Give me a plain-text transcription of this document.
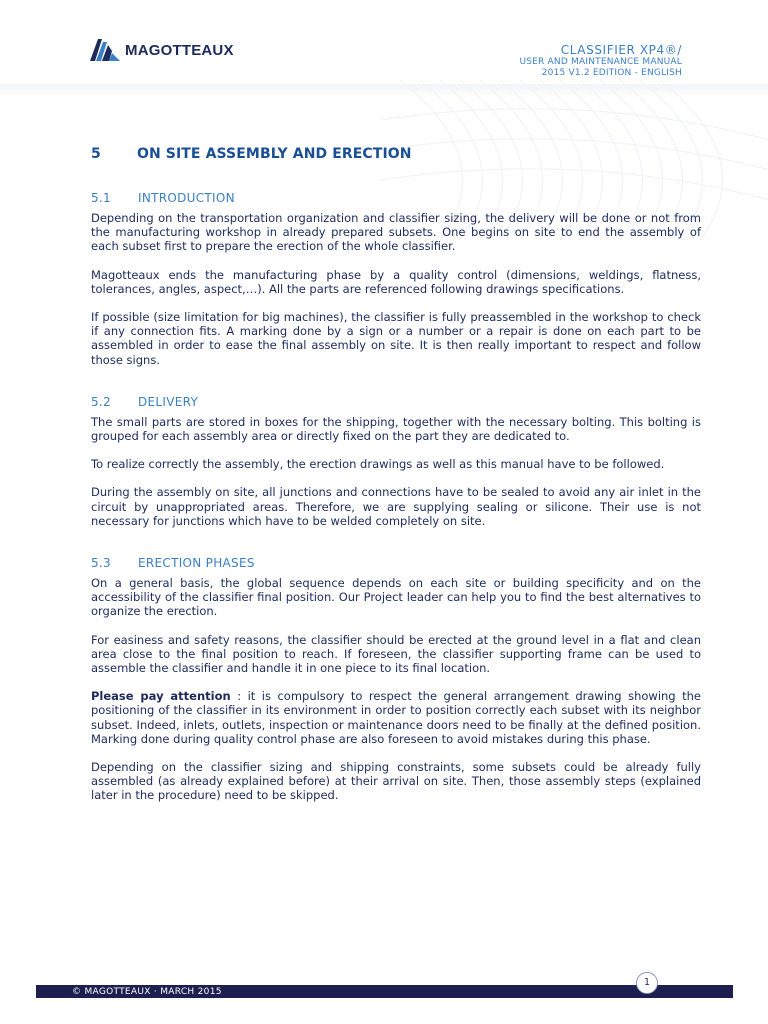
MAGOTTEAUX	CLASSIFIER XP4®/
USER AND MAINTENANCE MANUAL
2015 V1.2 EDITION - ENGLISH
5	ON SITE ASSEMBLY AND ERECTION
5.1 INTRODUCTION

Depending on the transportation organization and classifier sizing, the delivery will be done or not from the manufacturing workshop in already prepared subsets. One begins on site to end the assembly of each subset first to prepare the erection of the whole classifier.

Magotteaux ends the manufacturing phase by a quality control (dimensions, weldings, flatness, tolerances, angles, aspect,…). All the parts are referenced following drawings specifications.

If possible (size limitation for big machines), the classifier is fully preassembled in the workshop to check if any connection fits. A marking done by a sign or a number or a repair is done on each part to be assembled in order to ease the final assembly on site. It is then really important to respect and follow those signs.

5.2 DELIVERY

The small parts are stored in boxes for the shipping, together with the necessary bolting. This bolting is grouped for each assembly area or directly fixed on the part they are dedicated to.

To realize correctly the assembly, the erection drawings as well as this manual have to be followed.

During the assembly on site, all junctions and connections have to be sealed to avoid any air inlet in the circuit by unappropriated areas. Therefore, we are supplying sealing or silicone. Their use is not necessary for junctions which have to be welded completely on site.

5.3 ERECTION PHASES

On a general basis, the global sequence depends on each site or building specificity and on the accessibility of the classifier final position. Our Project leader can help you to find the best alternatives to organize the erection.

For easiness and safety reasons, the classifier should be erected at the ground level in a flat and clean area close to the final position to reach. If foreseen, the classifier supporting frame can be used to assemble the classifier and handle it in one piece to its final location.

Please pay attention : it is compulsory to respect the general arrangement drawing showing the positioning of the classifier in its environment in order to position correctly each subset with its neighbor subset. Indeed, inlets, outlets, inspection or maintenance doors need to be finally at the defined position. Marking done during quality control phase are also foreseen to avoid mistakes during this phase.

Depending on the classifier sizing and shipping constraints, some subsets could be already fully assembled (as already explained before) at their arrival on site. Then, those assembly steps (explained later in the procedure) need to be skipped.

© MAGOTTEAUX · MARCH 2015
1
